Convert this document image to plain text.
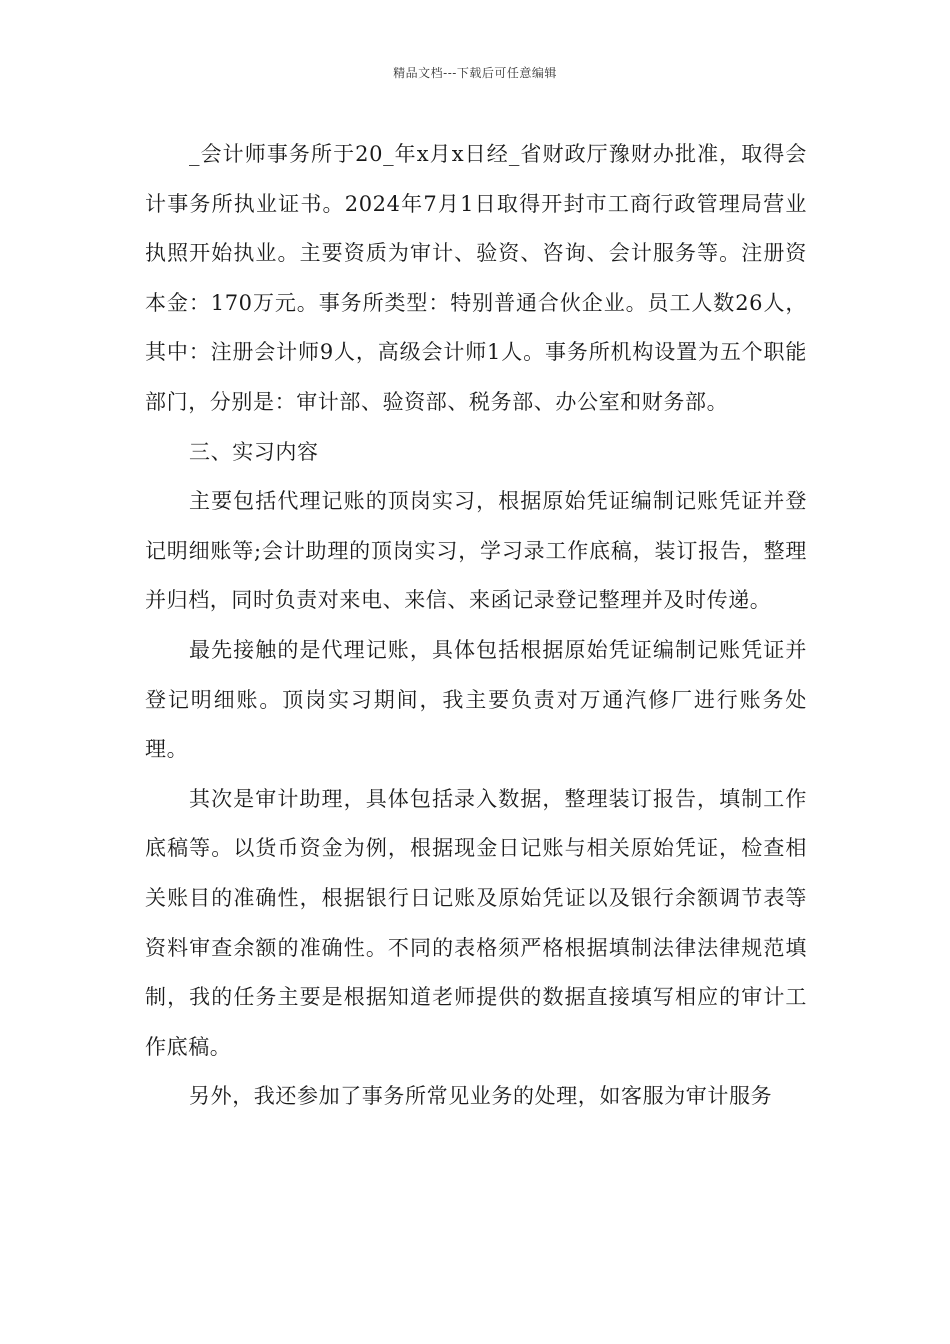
精品文档---下载后可任意编辑

_会计师事务所于20_年x月x日经_省财政厅豫财办批准，取得会计事务所执业证书。2024年7月1日取得开封市工商行政管理局营业执照开始执业。主要资质为审计、验资、咨询、会计服务等。注册资本金：170万元。事务所类型：特别普通合伙企业。员工人数26人，其中：注册会计师9人，高级会计师1人。事务所机构设置为五个职能部门，分别是：审计部、验资部、税务部、办公室和财务部。

三、实习内容

主要包括代理记账的顶岗实习，根据原始凭证编制记账凭证并登记明细账等;会计助理的顶岗实习，学习录工作底稿，装订报告，整理并归档，同时负责对来电、来信、来函记录登记整理并及时传递。

最先接触的是代理记账，具体包括根据原始凭证编制记账凭证并登记明细账。顶岗实习期间，我主要负责对万通汽修厂进行账务处理。

其次是审计助理，具体包括录入数据，整理装订报告，填制工作底稿等。以货币资金为例，根据现金日记账与相关原始凭证，检查相关账目的准确性，根据银行日记账及原始凭证以及银行余额调节表等资料审查余额的准确性。不同的表格须严格根据填制法律法律规范填制，我的任务主要是根据知道老师提供的数据直接填写相应的审计工作底稿。

另外，我还参加了事务所常见业务的处理，如客服为审计服务
